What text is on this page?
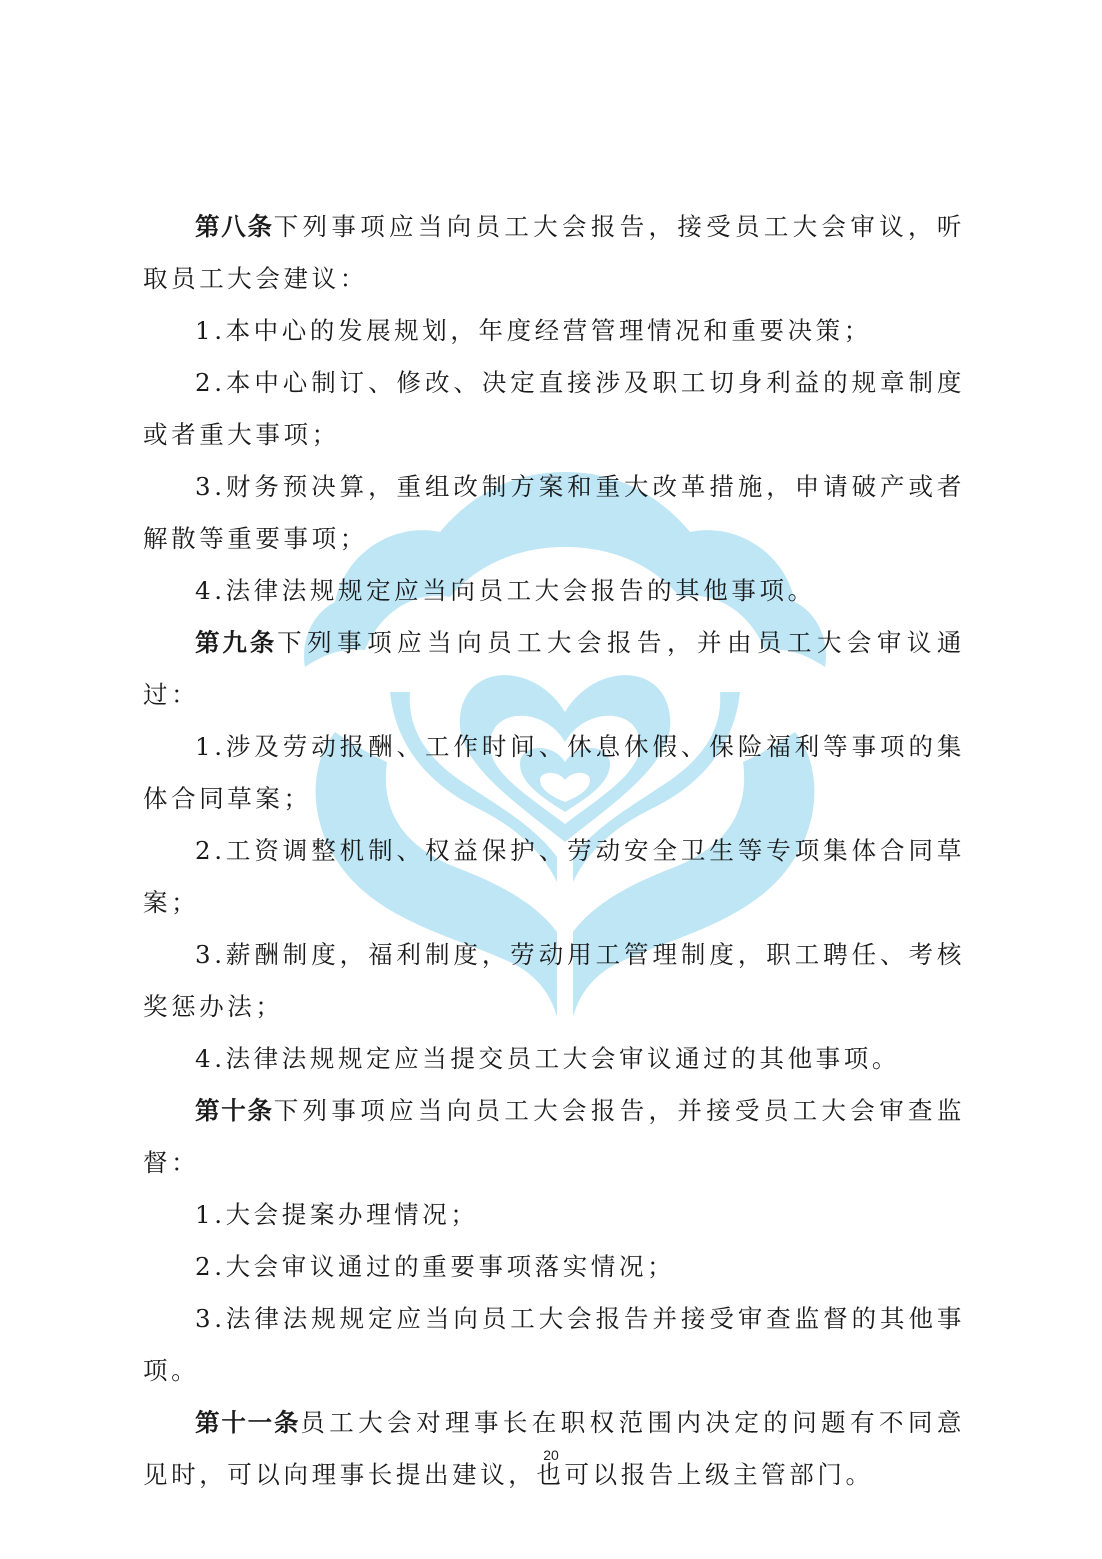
第八条下列事项应当向员工大会报告，接受员工大会审议，听取员工大会建议：

1.本中心的发展规划，年度经营管理情况和重要决策；

2.本中心制订、修改、决定直接涉及职工切身利益的规章制度或者重大事项；

3.财务预决算，重组改制方案和重大改革措施，申请破产或者解散等重要事项；

4.法律法规规定应当向员工大会报告的其他事项。

第九条下列事项应当向员工大会报告，并由员工大会审议通过：

1.涉及劳动报酬、工作时间、休息休假、保险福利等事项的集体合同草案；

2.工资调整机制、权益保护、劳动安全卫生等专项集体合同草案；

3.薪酬制度，福利制度，劳动用工管理制度，职工聘任、考核奖惩办法；

4.法律法规规定应当提交员工大会审议通过的其他事项。

第十条下列事项应当向员工大会报告，并接受员工大会审查监督：

1.大会提案办理情况；

2.大会审议通过的重要事项落实情况；

3.法律法规规定应当向员工大会报告并接受审查监督的其他事项。

第十一条员工大会对理事长在职权范围内决定的问题有不同意见时，可以向理事长提出建议，也可以报告上级主管部门。

20
